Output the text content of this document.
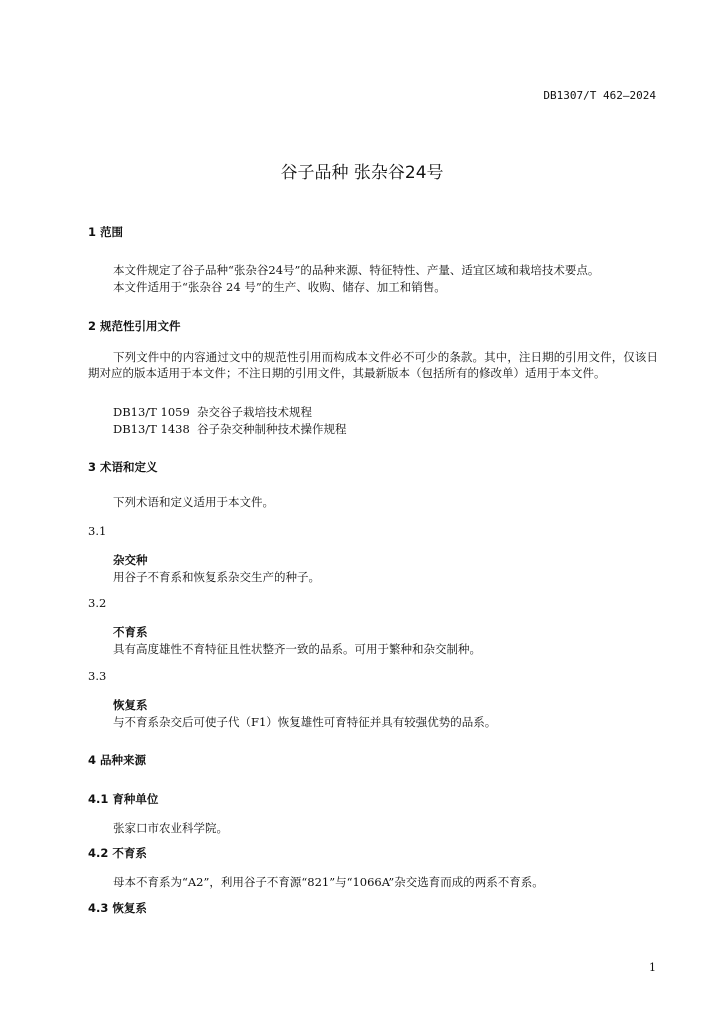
DB1307/T 462—2024
谷子品种 张杂谷24号
1 范围
本文件规定了谷子品种“张杂谷24号”的品种来源、特征特性、产量、适宜区域和栽培技术要点。
本文件适用于“张杂谷 24 号”的生产、收购、储存、加工和销售。
2 规范性引用文件
下列文件中的内容通过文中的规范性引用而构成本文件必不可少的条款。其中，注日期的引用文件，仅该日期对应的版本适用于本文件；不注日期的引用文件，其最新版本（包括所有的修改单）适用于本文件。
DB13/T 1059 杂交谷子栽培技术规程
DB13/T 1438 谷子杂交种制种技术操作规程
3 术语和定义
下列术语和定义适用于本文件。
3.1
杂交种
用谷子不育系和恢复系杂交生产的种子。
3.2
不育系
具有高度雄性不育特征且性状整齐一致的品系。可用于繁种和杂交制种。
3.3
恢复系
与不育系杂交后可使子代（F1）恢复雄性可育特征并具有较强优势的品系。
4 品种来源
4.1 育种单位
张家口市农业科学院。
4.2 不育系
母本不育系为“A2”，利用谷子不育源“821”与“1066A”杂交选育而成的两系不育系。
4.3 恢复系
1
